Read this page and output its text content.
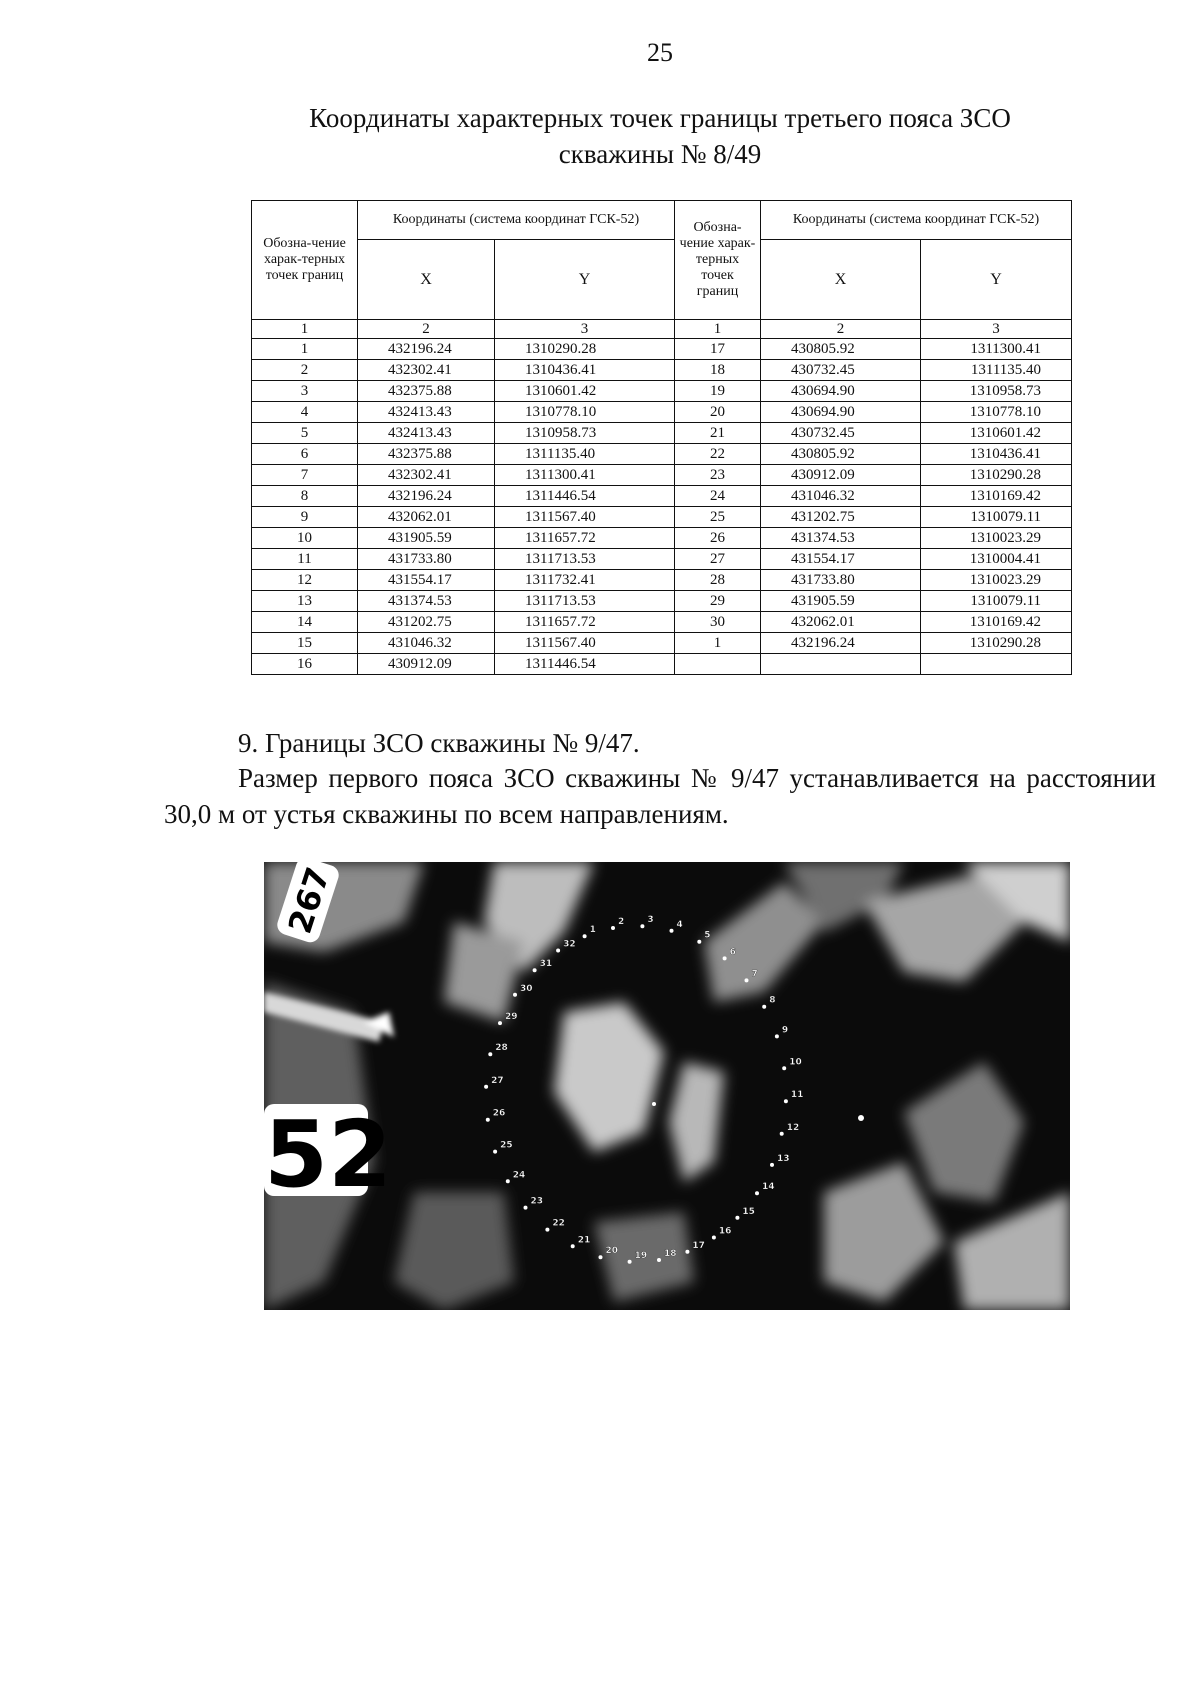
25
Координаты характерных точек границы третьего пояса ЗСО
скважины № 8/49
Обозна-чение харак-терных точек границ	Координаты (система координат ГСК-52)		Обозна-чение харак-терных точек границ	Координаты (система координат ГСК-52)	
	X	Y		X	Y
1	2	3	1	2	3
1	432196.24	1310290.28	17	430805.92	1311300.41
2	432302.41	1310436.41	18	430732.45	1311135.40
3	432375.88	1310601.42	19	430694.90	1310958.73
4	432413.43	1310778.10	20	430694.90	1310778.10
5	432413.43	1310958.73	21	430732.45	1310601.42
6	432375.88	1311135.40	22	430805.92	1310436.41
7	432302.41	1311300.41	23	430912.09	1310290.28
8	432196.24	1311446.54	24	431046.32	1310169.42
9	432062.01	1311567.40	25	431202.75	1310079.11
10	431905.59	1311657.72	26	431374.53	1310023.29
11	431733.80	1311713.53	27	431554.17	1310004.41
12	431554.17	1311732.41	28	431733.80	1310023.29
13	431374.53	1311713.53	29	431905.59	1310079.11
14	431202.75	1311657.72	30	432062.01	1310169.42
15	431046.32	1311567.40	1	432196.24	1310290.28
16	430912.09	1311446.54			
9. Границы ЗСО скважины № 9/47.
Размер первого пояса ЗСО скважины № 9/47 устанавливается на расстоянии 30,0 м от устья скважины по всем направлениям.
1
2	3	4
5
6
7
8
9
10
11
12
13
14
15
16
17
18
19
20
21
22
23
24
25
26
27
28
29
30
31
32
267
52
